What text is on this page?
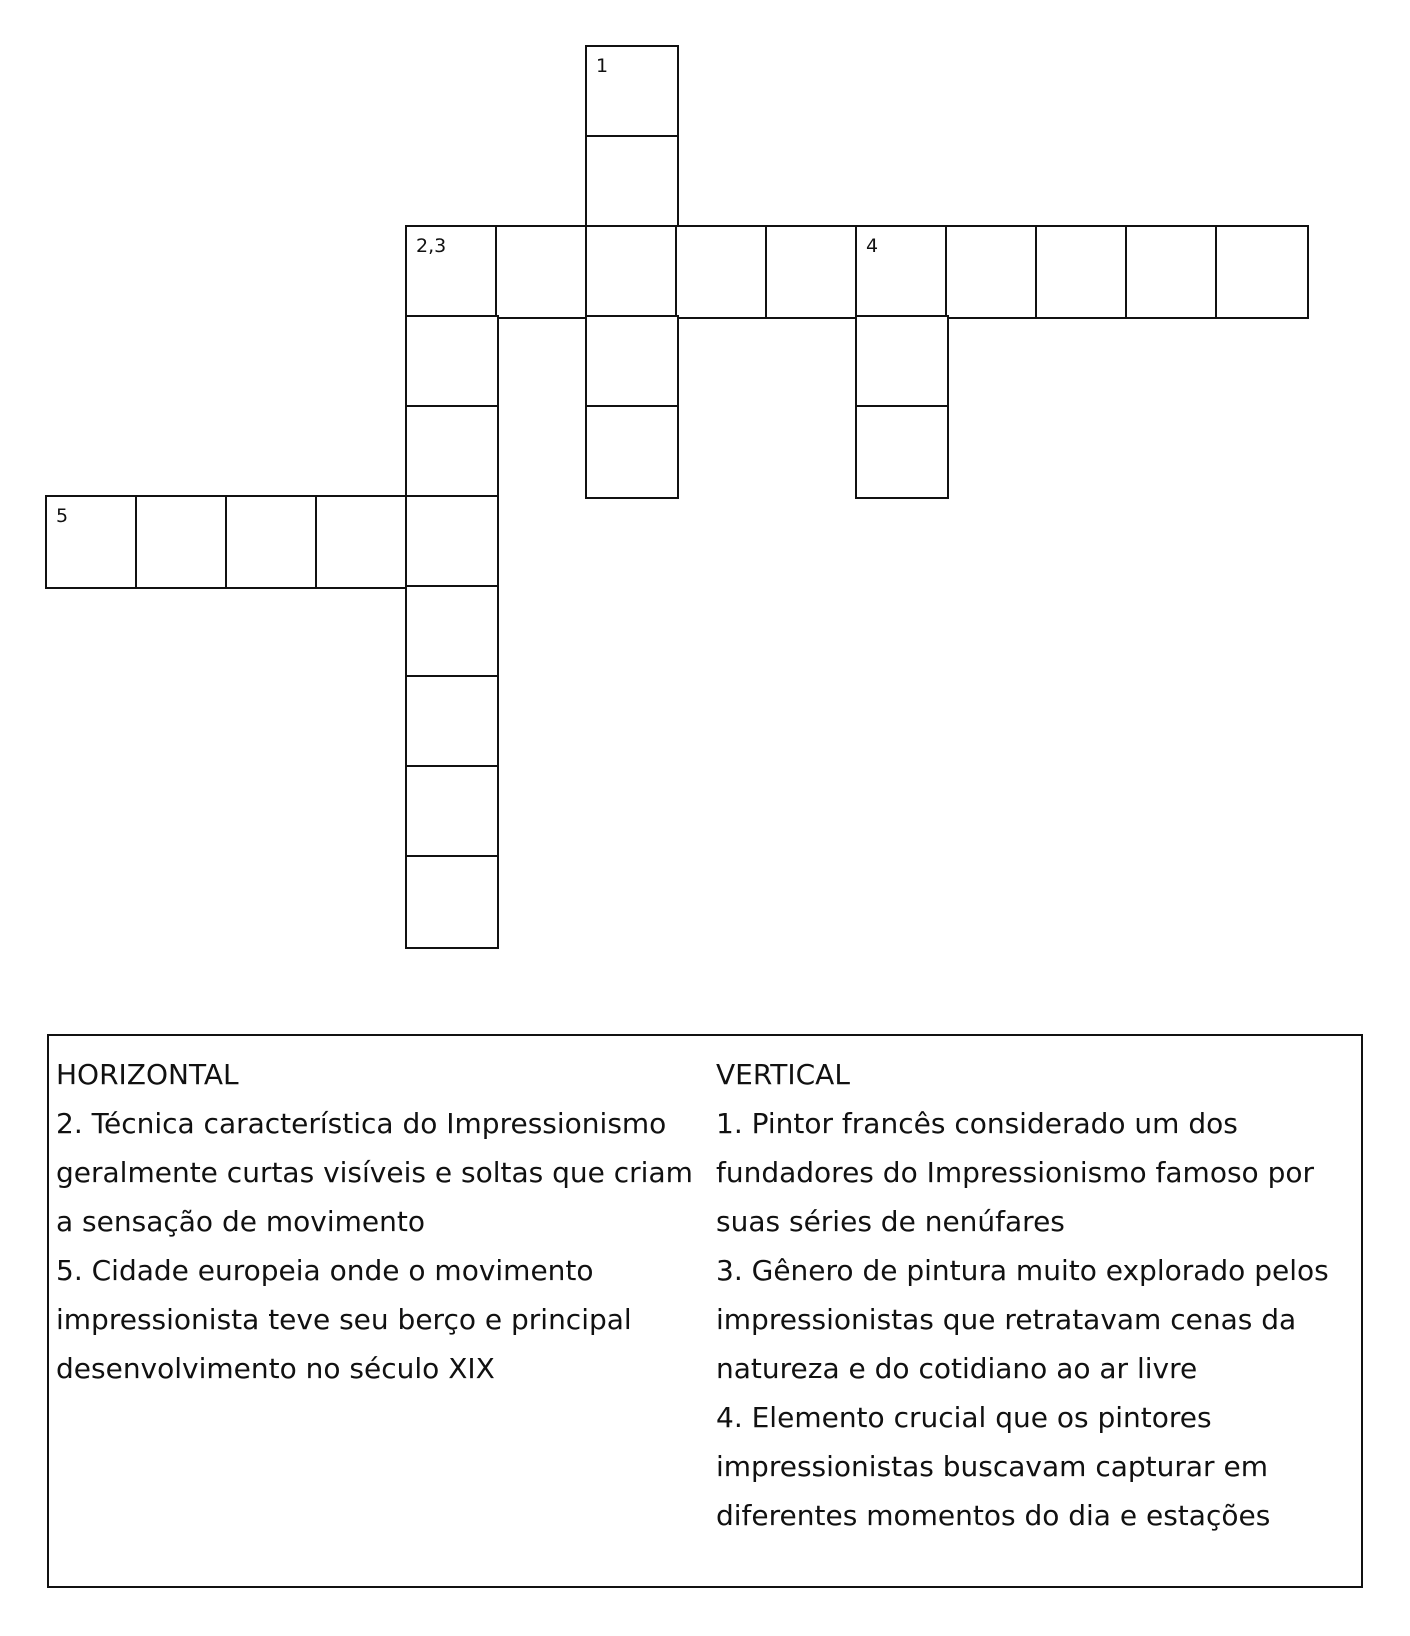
1
2,3	4
5

HORIZONTAL

2. Técnica característica do Impressionismo geralmente curtas visíveis e soltas que criam a sensação de movimento

5. Cidade europeia onde o movimento impressionista teve seu berço e principal desenvolvimento no século XIX

VERTICAL

1. Pintor francês considerado um dos fundadores do Impressionismo famoso por suas séries de nenúfares

3. Gênero de pintura muito explorado pelos impressionistas que retratavam cenas da natureza e do cotidiano ao ar livre

4. Elemento crucial que os pintores impressionistas buscavam capturar em diferentes momentos do dia e estações
